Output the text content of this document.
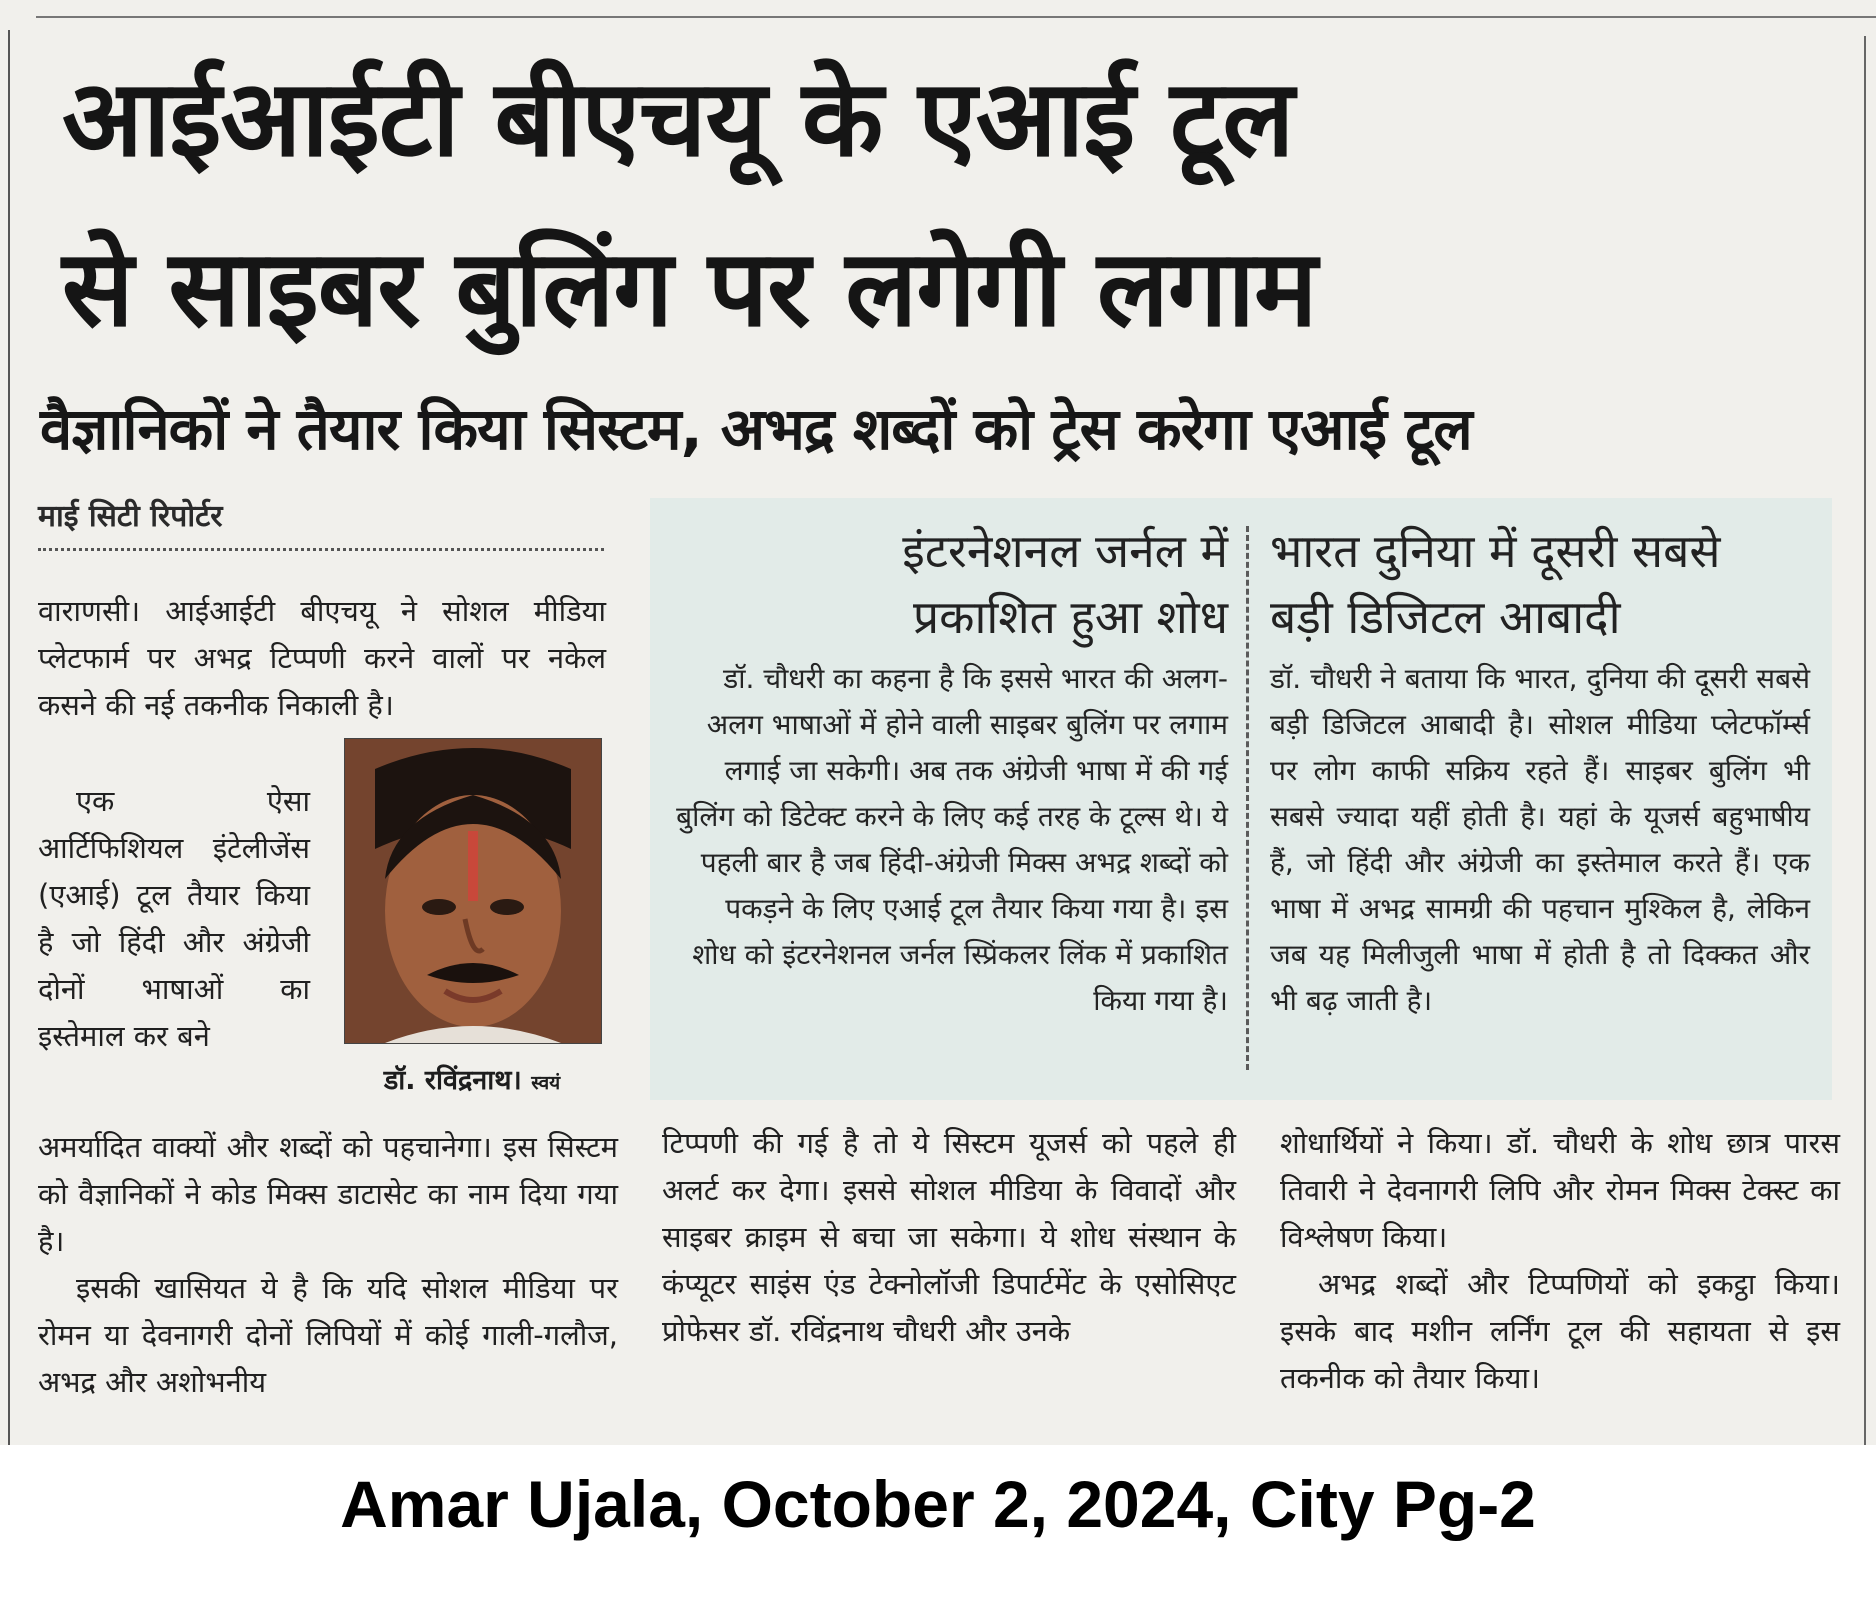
आईआईटी बीएचयू के एआई टूल
से साइबर बुलिंग पर लगेगी लगाम
वैज्ञानिकों ने तैयार किया सिस्टम, अभद्र शब्दों को ट्रेस करेगा एआई टूल
माई सिटी रिपोर्टर

वाराणसी। आईआईटी बीएचयू ने सोशल मीडिया प्लेटफार्म पर अभद्र टिप्पणी करने वालों पर नकेल कसने की नई तकनीक निकाली है।

एक ऐसा आर्टिफिशियल इंटेलीजेंस (एआई) टूल तैयार किया है जो हिंदी और अंग्रेजी दोनों भाषाओं का इस्तेमाल कर बने

डॉ. रविंद्रनाथ। स्वयं

अमर्यादित वाक्यों और शब्दों को पहचानेगा। इस सिस्टम को वैज्ञानिकों ने कोड मिक्स डाटासेट का नाम दिया गया है।

इसकी खासियत ये है कि यदि सोशल मीडिया पर रोमन या देवनागरी दोनों लिपियों में कोई गाली-गलौज, अभद्र और अशोभनीय

इंटरनेशनल जर्नल में
प्रकाशित हुआ शोध

डॉ. चौधरी का कहना है कि इससे भारत की अलग-अलग भाषाओं में होने वाली साइबर बुलिंग पर लगाम लगाई जा सकेगी। अब तक अंग्रेजी भाषा में की गई बुलिंग को डिटेक्ट करने के लिए कई तरह के टूल्स थे। ये पहली बार है जब हिंदी-अंग्रेजी मिक्स अभद्र शब्दों को पकड़ने के लिए एआई टूल तैयार किया गया है। इस शोध को इंटरनेशनल जर्नल स्प्रिंकलर लिंक में प्रकाशित किया गया है।

भारत दुनिया में दूसरी सबसे
बड़ी डिजिटल आबादी

डॉ. चौधरी ने बताया कि भारत, दुनिया की दूसरी सबसे बड़ी डिजिटल आबादी है। सोशल मीडिया प्लेटफॉर्म्स पर लोग काफी सक्रिय रहते हैं। साइबर बुलिंग भी सबसे ज्यादा यहीं होती है। यहां के यूजर्स बहुभाषीय हैं, जो हिंदी और अंग्रेजी का इस्तेमाल करते हैं। एक भाषा में अभद्र सामग्री की पहचान मुश्किल है, लेकिन जब यह मिलीजुली भाषा में होती है तो दिक्कत और भी बढ़ जाती है।

टिप्पणी की गई है तो ये सिस्टम यूजर्स को पहले ही अलर्ट कर देगा। इससे सोशल मीडिया के विवादों और साइबर क्राइम से बचा जा सकेगा। ये शोध संस्थान के कंप्यूटर साइंस एंड टेक्नोलॉजी डिपार्टमेंट के एसोसिएट प्रोफेसर डॉ. रविंद्रनाथ चौधरी और उनके

शोधार्थियों ने किया। डॉ. चौधरी के शोध छात्र पारस तिवारी ने देवनागरी लिपि और रोमन मिक्स टेक्स्ट का विश्लेषण किया।

अभद्र शब्दों और टिप्पणियों को इकट्ठा किया। इसके बाद मशीन लर्निंग टूल की सहायता से इस तकनीक को तैयार किया।

Amar Ujala, October 2, 2024, City Pg-2
